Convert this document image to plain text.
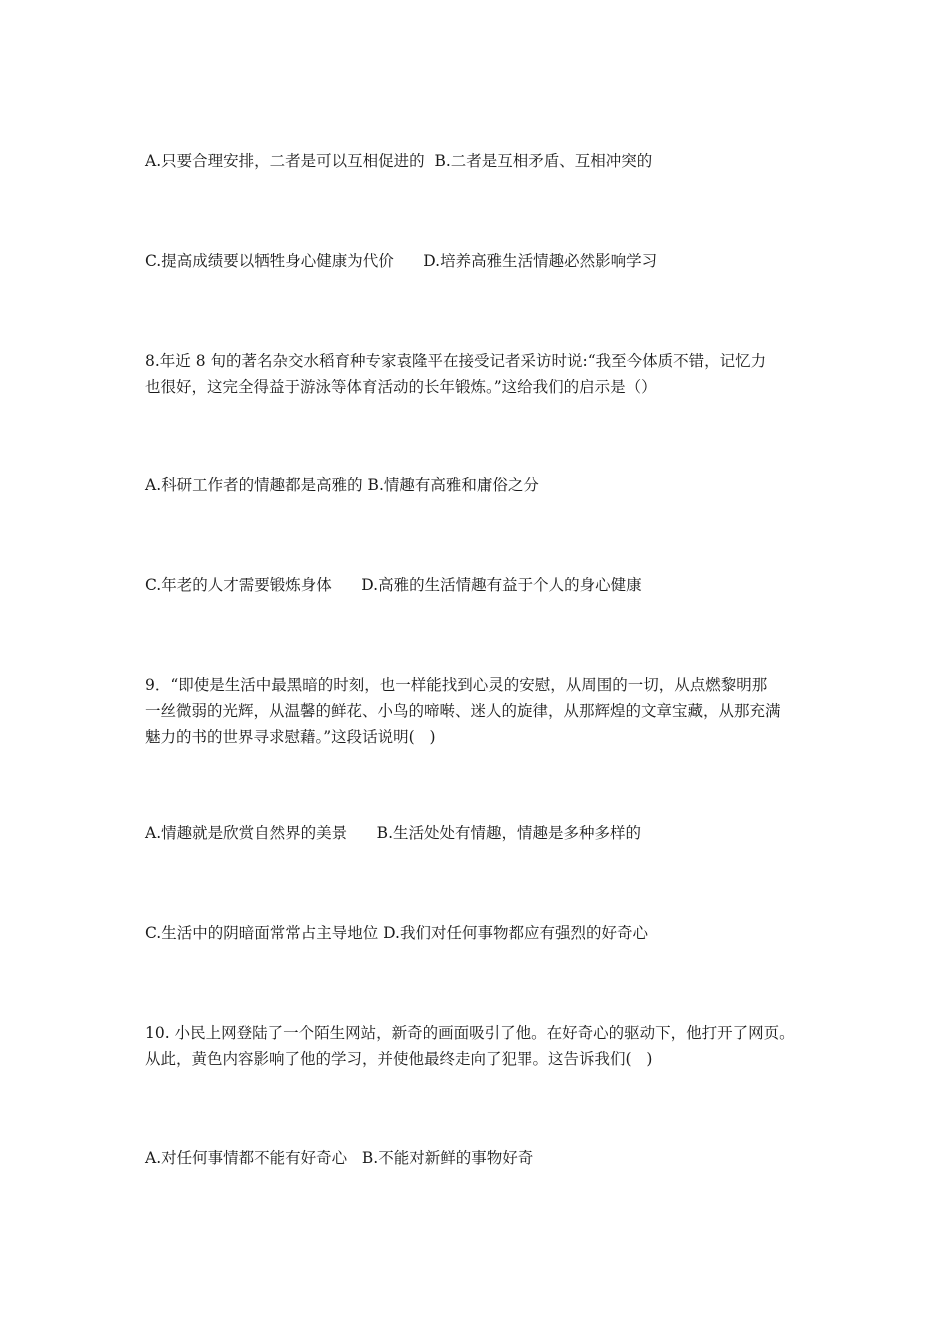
A.只要合理安排，二者是可以互相促进的  B.二者是互相矛盾、互相冲突的
C.提高成绩要以牺牲身心健康为代价      D.培养高雅生活情趣必然影响学习
8.年近 8 旬的著名杂交水稻育种专家袁隆平在接受记者采访时说:“我至今体质不错，记忆力
也很好，这完全得益于游泳等体育活动的长年锻炼。”这给我们的启示是（）
A.科研工作者的情趣都是高雅的 B.情趣有高雅和庸俗之分
C.年老的人才需要锻炼身体      D.高雅的生活情趣有益于个人的身心健康
9．“即使是生活中最黑暗的时刻，也一样能找到心灵的安慰，从周围的一切，从点燃黎明那
一丝微弱的光辉，从温馨的鲜花、小鸟的啼啭、迷人的旋律，从那辉煌的文章宝藏，从那充满
魅力的书的世界寻求慰藉。”这段话说明(   )
A.情趣就是欣赏自然界的美景      B.生活处处有情趣，情趣是多种多样的
C.生活中的阴暗面常常占主导地位 D.我们对任何事物都应有强烈的好奇心
10. 小民上网登陆了一个陌生网站，新奇的画面吸引了他。在好奇心的驱动下，他打开了网页。
从此，黄色内容影响了他的学习，并使他最终走向了犯罪。这告诉我们(   )
A.对任何事情都不能有好奇心   B.不能对新鲜的事物好奇
